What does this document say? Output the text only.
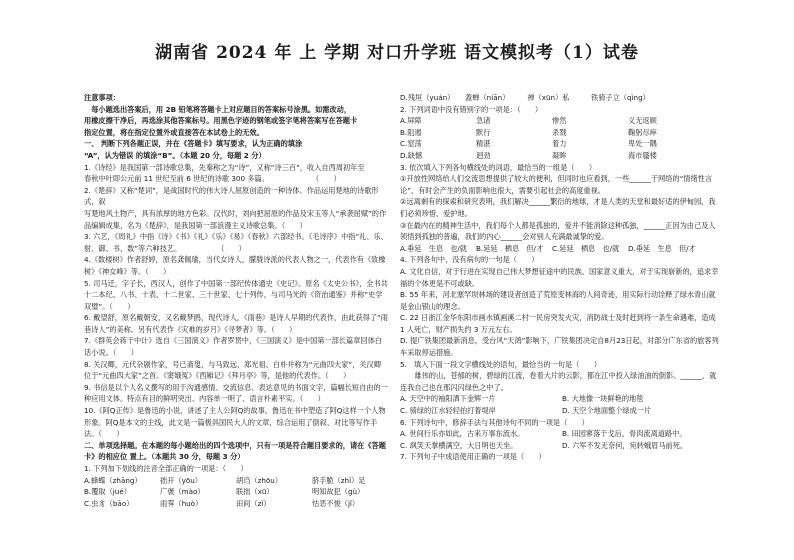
湖南省 2024 年 上 学期 对口升学班 语文模拟考（1）试卷
注意事项：
　每小题选出答案后，用 2B 铅笔将答题卡上对应题目的答案标号涂黑。如需改动，
用橡皮擦干净后，再选涂其他答案标号。用黑色字迹的钢笔或签字笔将答案写在答题卡
指定位置，将在指定位置外或直接答在本试卷上的无效。
一、 判断下列各题正误，并在《答题卡》填写要求，认为正确的填涂
“A”，认为错误 的填涂“B”。（本题 20 分，每题 2 分）
1.《诗经》是我国第一部诗歌总集，先秦称之为“诗”，又称“诗三百”，收入自西周初年至
春秋中叶即公元前 11 世纪至前 6 世纪的诗歌 300 多篇。　　　　　　　（　　）
2.《楚辞》又称“楚词”，是战国时代的伟大诗人屈原创造的一种诗体。作品运用楚地的诗歌形式，叙
写楚地风土物产，具有浓厚的地方色彩。汉代时，刘向把屈原的作品及宋玉等人“承袭屈赋”的作品编辑成集，名为《楚辞》，是我国第一部浪漫主义诗歌总集。（　　）
3. 六艺，《周礼》中指《诗》《书》《礼》《乐》《易》《春秋》六部经书。《毛诗序》中指“礼、乐、射、御、书、数”等六种技艺。　　　　　　（　　）
4.《数楼树》作者舒婷，原名龚佩瑜，当代女诗人，朦胧诗派的代表人物之一，代表作有《致橡树》《神女峰》等。（　　）
5. 司马迁，字子长，西汉人，创作了中国第一部纪传体通史《史记》。原名《太史公书》，全书共十二本纪、八书、十表、十二世家、三十世家、七十列传，与司马光的《资治通鉴》并称“史学双璧”。（　　）
6. 戴望舒，原名戴朝安，又名戴梦鸥，现代诗人，《雨巷》是诗人早期的代表作，由此获得了“雨巷诗人”的美称。另有代表作《灾难的岁月》《寻梦者》等。（　　）
7.《群英会蒋干中计》选自《三国演义》作者罗贯中，《三国演义》是中国第一部长篇章回体白话小说。（　　）
8. 关汉卿，元代杂剧作家，号已斋叟，与马致远、郑光祖、白朴并称为“元曲四大家”，关汉卿位于“元曲四大家”之首。《窦娥冤》《西厢记》《拜月亭》等，是他的代表作。（　　）
9. 书信是以个人名义撰写的用于沟通感情、交流信息、表达意见的书面文字，篇幅长短自由的一种应用文体。特点有目的鲜明突出、内容单一明了、语言朴素平实。（　　）
10.《阿Q正传》是鲁迅的小说，讲述了主人公阿Q的故事，鲁迅在书中塑造了阿Q这样一个人物形象。阿Q是本文的主线，此文是一篇极具国民大人的文章，综合运用了倒叙、对比等写作手法。（　　）
二、单项选择题。在本题的每小题给出的四个选项中，只有一项是符合题目要求的，请在《答题卡》的相应位 置上。（本题共 30 分，每题 3 分）
1. 下列加下划线的注音全部正确的一项是：（　　）
A.蜂蝶（zhāng）	拙开（yōu）	胡诌（zhōu）	脐手脆（zhǐ）足
B.覆取（jué）	广褒（mào）	联拙（xū）	明知故犯（gù）
C.虫豸（bāo）	雨霁（huò）	田间（zǐ）	怙恶不悛（jǐ）
D.残垣（yuán）　　蓋蝉（niān）　　　禅（xūn）私　　　铁骑子立（qìng）
2. 下列词语中没有错别字的一项是：（　　）
A.屏障	急诸	惨然	义无返顾
B.阻遏	默行	杀戮	鞠躬尽瘁
C.窒荡	精湛	着力	卑处一隅
D.缺憾	迥劲	凝眸	海市蜃楼
3. 依次填入下列各句横线处的词语，最恰当的一组是（　　）
①开放性网络给人们交流思想提供了较大的便利，但同时也应看到，一些______于网络的“情绪性言论”，有时会产生的负面影响也很大，需要引起社会的高度重视。
②远离剩有的探索和研究表明，我们解决______繁衍的地球，才是人类的天堂和最好适的伊甸园，我们必须珍惜、爱护地。
③在最内在的精神生活中，我们每个人都是孤独的，爱并不能消除这种孤独，______正因为由己及人领悟到孤独的普遍，我们的内心______会对别人充满最诚挚的爱。
A.垂延　生息　也/就	B.延延　栖息　但/才	C.延延　栖息　也/就	D.垂延　生息　但/才
4. 下列各句中，没有病句的一句是（　　）
A. 文化自信，对于行进在实现自己伟大梦想征途中的民族、国家意义重大，对于实现崭新的，追求幸福的个体更是不可或缺。
B. 55 年来，河北塞罕坝林场的建设者创造了荒原变林海的人间奇迹，用实际行动诠释了绿水青山就是金山银山的理念。
C. 22 日浙江金华东阳市画水镇画溪二村一民房突发火灾，消防战士及时赶到将一条生命遇难，造成 1 人死亡，财产损失约 3 万元左右。
D. 提广铁集团最新消息，受台风“天鸽”影响下，广铁集团决定自8月23日起，对部分广东省的旅客列车采取停运措施。
5.　填入下面一段文字横线处的语句，最恰当的一句是（　　）
　　雄伟的山，苍郁的树，碧绿的江流，卷着大片的云影，都在江中投入绿油油的倒影。______，就连我自己也在那闪闪绿色之中了。
A. 天空中的袖阳洒下金辉一片	B. 大地像一块鲜艳的地毯
C. 骑绿的江水轻轻拍打着堤岸	D. 天空个地面整个绿成一片
6. 下列诗句中，修辞手法与其他诗句不同的一项是（　　）
A. 世间行乐亦如此，古来万事东流水。	B. 田园寥落干戈后，骨肉流离道路中。
C. 飒笑天掌横满空，大日明也天坐。	D. 六军不发无奈何，宛转蛾眉马前死。
7. 下列句子中成语使用正确的一项是（　　）
